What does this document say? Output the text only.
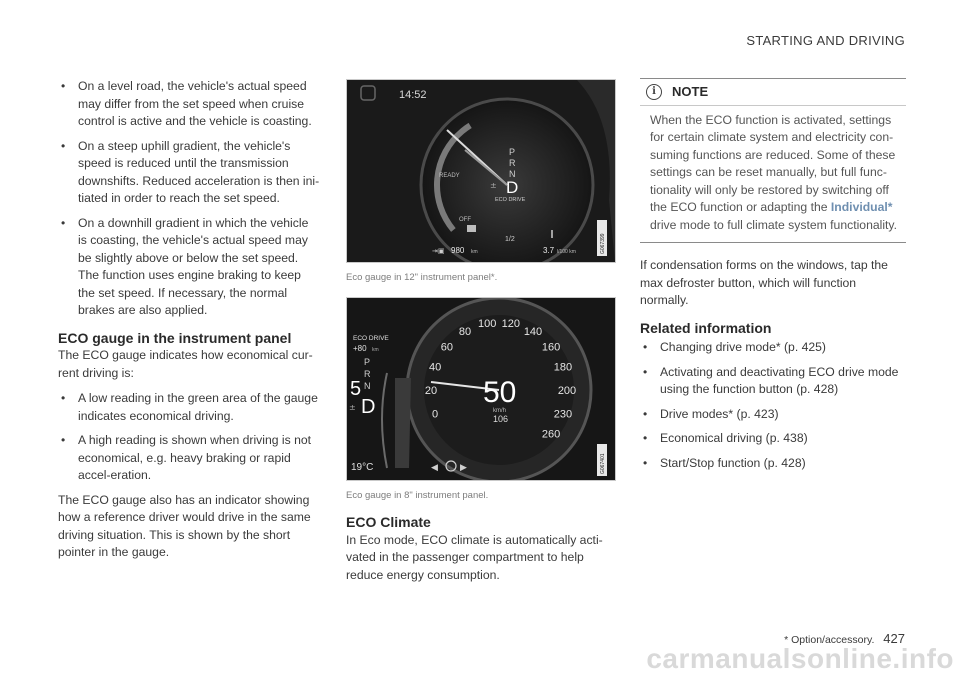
STARTING AND DRIVING
• On a level road, the vehicle's actual speed may differ from the set speed when cruise control is active and the vehicle is coasting.
• On a steep uphill gradient, the vehicle's speed is reduced until the transmission downshifts. Reduced acceleration is then ini-tiated in order to reach the set speed.
• On a downhill gradient in which the vehicle is coasting, the vehicle's actual speed may be slightly above or below the set speed. The function uses engine braking to keep the set speed. If necessary, the normal brakes are also applied.
ECO gauge in the instrument panel

The ECO gauge indicates how economical cur-rent driving is:

• A low reading in the green area of the gauge indicates economical driving.
• A high reading is shown when driving is not economical, e.g. heavy braking or rapid accel-eration.

The ECO gauge also has an indicator showing how a reference driver would drive in the same driving situation. This is shown by the short pointer in the gauge.

14:52
READY
OFF
P
R
N
D
ECO DRIVE
±
1/2
⇥▣ 980 km	3.7 l/100 km	G067399
Eco gauge in 12" instrument panel*.
ECO DRIVE
+80 km
5
P
R
N
D
±	50
km/h
106
19°C	◀ ▶
0
20
40
60
80
100 120
140
160
180
200
230
260
G067401
Eco gauge in 8" instrument panel.
ECO Climate

In Eco mode, ECO climate is automatically acti-vated in the passenger compartment to help reduce energy consumption.

i	NOTE
When the ECO function is activated, settings for certain climate system and electricity con-suming functions are reduced. Some of these settings can be reset manually, but full func-tionality will only be restored by switching off the ECO function or adapting the Individual* drive mode to full climate system functionality.

If condensation forms on the windows, tap the max defroster button, which will function normally.

Related information
• Changing drive mode* (p. 425)
• Activating and deactivating ECO drive mode using the function button (p. 428)
• Drive modes* (p. 423)
• Economical driving (p. 438)
• Start/Stop function (p. 428)
* Option/accessory. 427
carmanualsonline.info
